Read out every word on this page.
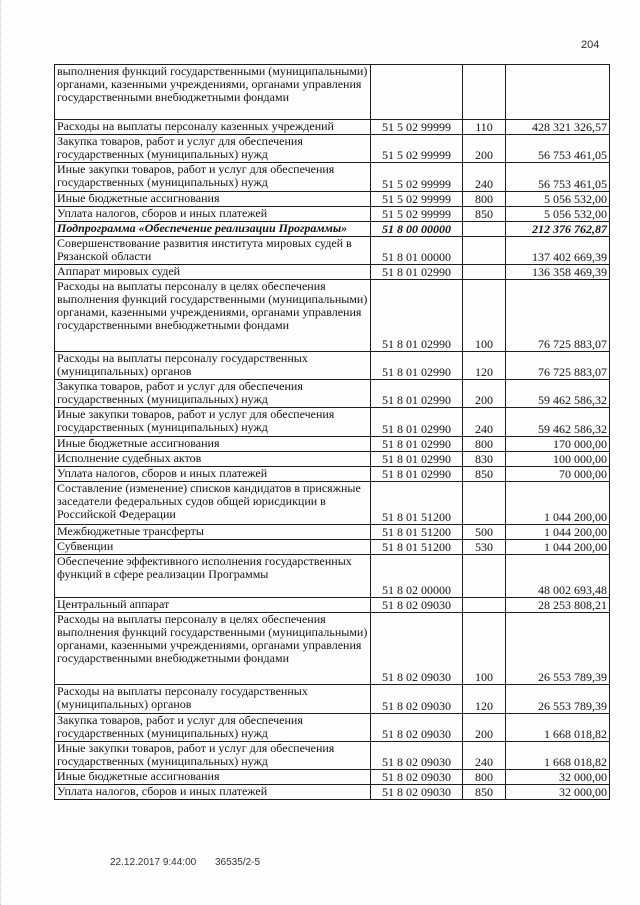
204
выполнения функций государственными (муниципальными) органами, казенными учреждениями, органами управления государственными внебюджетными фондами			
Расходы на выплаты персоналу казенных учреждений	51 5 02 99999	110	428 321 326,57
Закупка товаров, работ и услуг для обеспечения государственных (муниципальных) нужд	51 5 02 99999	200	56 753 461,05
Иные закупки товаров, работ и услуг для обеспечения государственных (муниципальных) нужд	51 5 02 99999	240	56 753 461,05
Иные бюджетные ассигнования	51 5 02 99999	800	5 056 532,00
Уплата налогов, сборов и иных платежей	51 5 02 99999	850	5 056 532,00
Подпрограмма «Обеспечение реализации Программы»	51 8 00 00000		212 376 762,87
Совершенствование развития института мировых судей в Рязанской области	51 8 01 00000		137 402 669,39
Аппарат мировых судей	51 8 01 02990		136 358 469,39
Расходы на выплаты персоналу в целях обеспечения выполнения функций государственными (муниципальными) органами, казенными учреждениями, органами управления государственными внебюджетными фондами	51 8 01 02990	100	76 725 883,07
Расходы на выплаты персоналу государственных (муниципальных) органов	51 8 01 02990	120	76 725 883,07
Закупка товаров, работ и услуг для обеспечения государственных (муниципальных) нужд	51 8 01 02990	200	59 462 586,32
Иные закупки товаров, работ и услуг для обеспечения государственных (муниципальных) нужд	51 8 01 02990	240	59 462 586,32
Иные бюджетные ассигнования	51 8 01 02990	800	170 000,00
Исполнение судебных актов	51 8 01 02990	830	100 000,00
Уплата налогов, сборов и иных платежей	51 8 01 02990	850	70 000,00
Составление (изменение) списков кандидатов в присяжные заседатели федеральных судов общей юрисдикции в Российской Федерации	51 8 01 51200		1 044 200,00
Межбюджетные трансферты	51 8 01 51200	500	1 044 200,00
Субвенции	51 8 01 51200	530	1 044 200,00
Обеспечение эффективного исполнения государственных функций в сфере реализации Программы	51 8 02 00000		48 002 693,48
Центральный аппарат	51 8 02 09030		28 253 808,21
Расходы на выплаты персоналу в целях обеспечения выполнения функций государственными (муниципальными) органами, казенными учреждениями, органами управления государственными внебюджетными фондами	51 8 02 09030	100	26 553 789,39
Расходы на выплаты персоналу государственных (муниципальных) органов	51 8 02 09030	120	26 553 789,39
Закупка товаров, работ и услуг для обеспечения государственных (муниципальных) нужд	51 8 02 09030	200	1 668 018,82
Иные закупки товаров, работ и услуг для обеспечения государственных (муниципальных) нужд	51 8 02 09030	240	1 668 018,82
Иные бюджетные ассигнования	51 8 02 09030	800	32 000,00
Уплата налогов, сборов и иных платежей	51 8 02 09030	850	32 000,00
22.12.2017 9:44:00 36535/2-5
